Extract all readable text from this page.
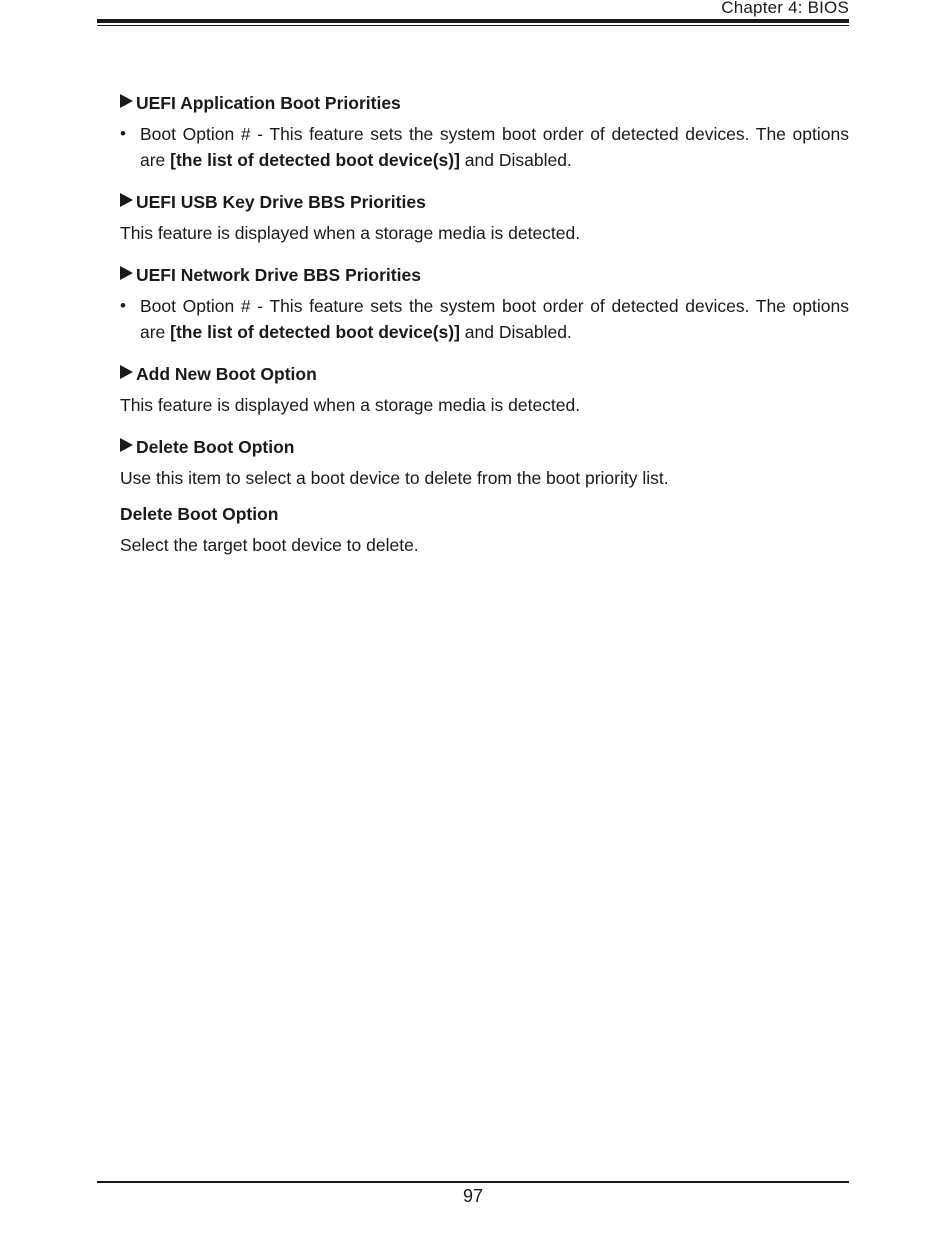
Chapter 4: BIOS
UEFI Application Boot Priorities
• Boot Option # - This feature sets the system boot order of detected devices. The options are [the list of detected boot device(s)] and Disabled.
UEFI USB Key Drive BBS Priorities
This feature is displayed when a storage media is detected.
UEFI Network Drive BBS Priorities
• Boot Option # - This feature sets the system boot order of detected devices. The options are [the list of detected boot device(s)] and Disabled.
Add New Boot Option
This feature is displayed when a storage media is detected.
Delete Boot Option
Use this item to select a boot device to delete from the boot priority list.
Delete Boot Option
Select the target boot device to delete.
97
